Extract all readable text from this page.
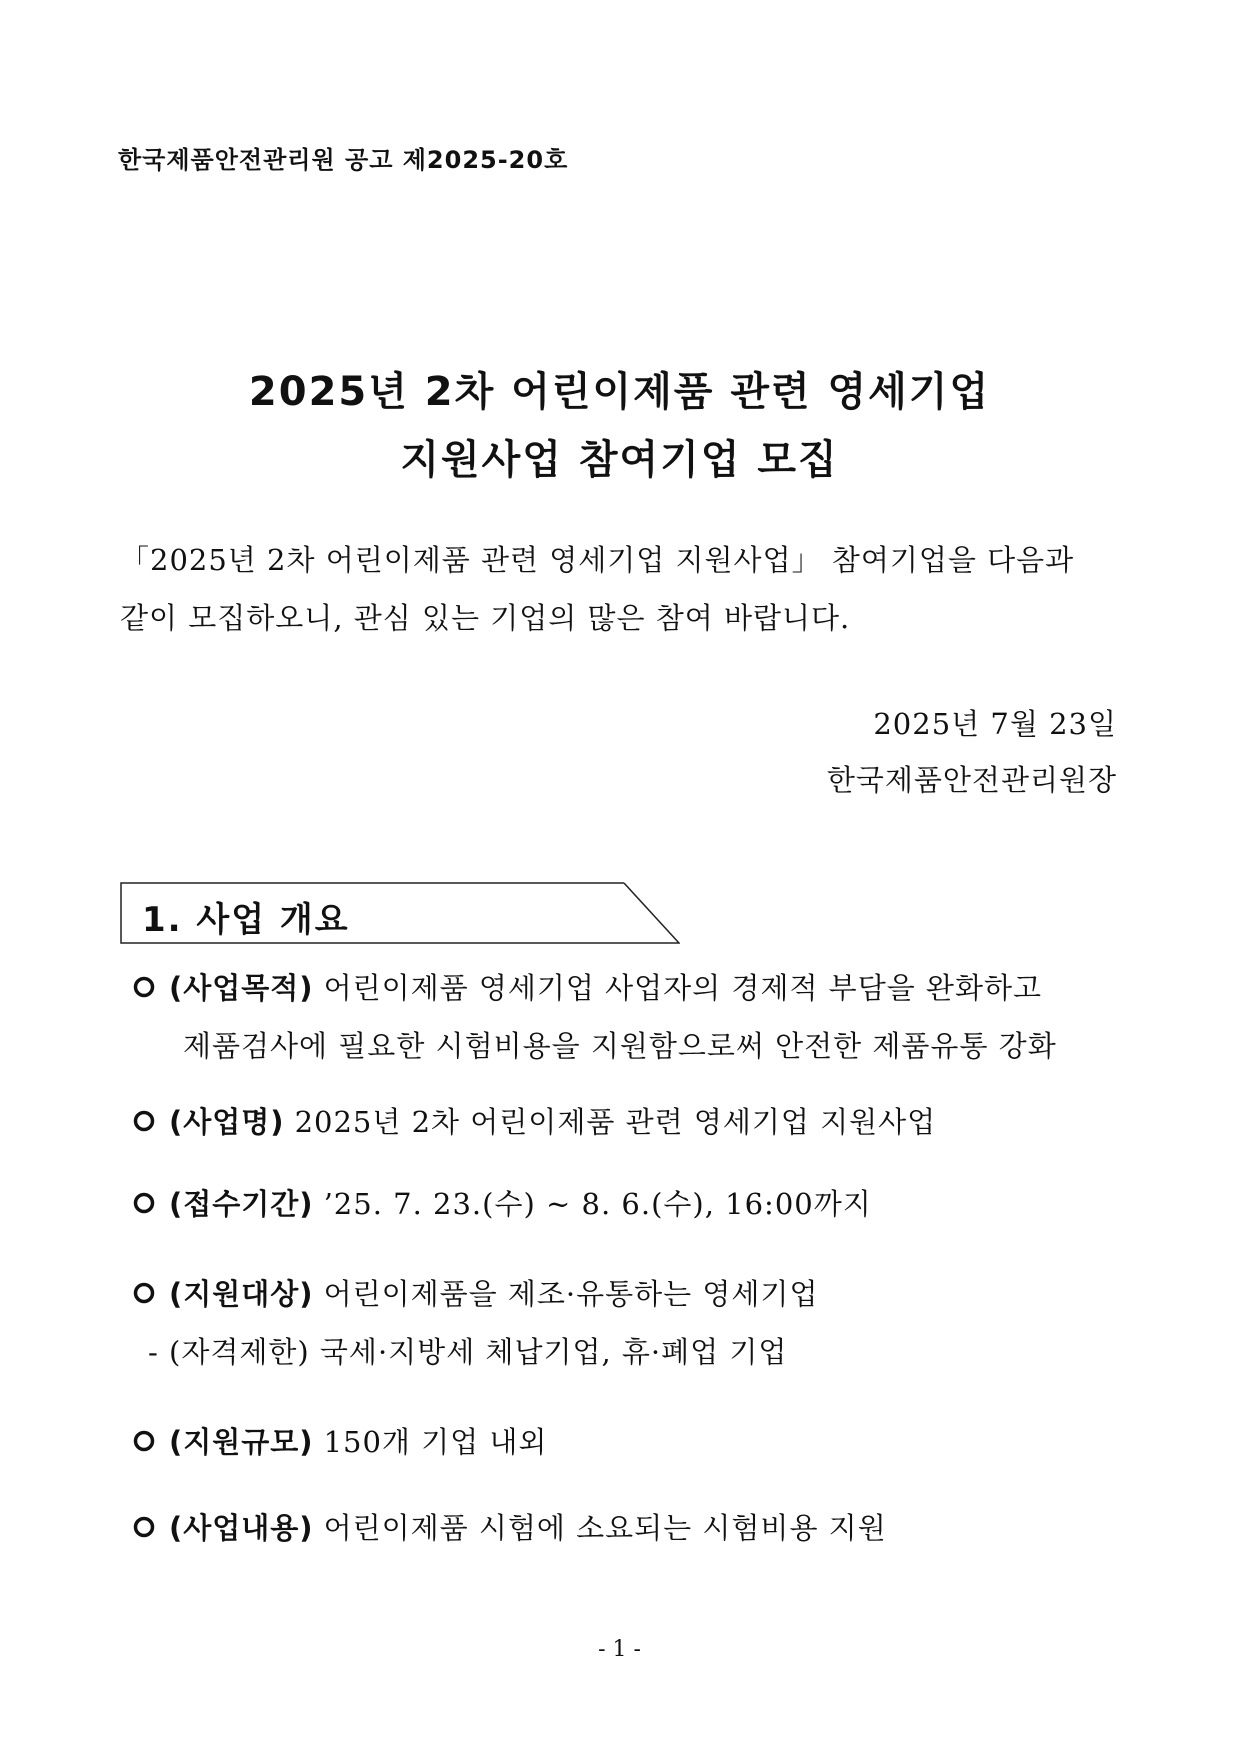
한국제품안전관리원 공고 제2025-20호
2025년 2차 어린이제품 관련 영세기업
지원사업 참여기업 모집
「2025년 2차 어린이제품 관련 영세기업 지원사업」 참여기업을 다음과
같이 모집하오니, 관심 있는 기업의 많은 참여 바랍니다.
2025년 7월 23일
한국제품안전관리원장
1. 사업 개요
(사업목적) 어린이제품 영세기업 사업자의 경제적 부담을 완화하고
제품검사에 필요한 시험비용을 지원함으로써 안전한 제품유통 강화
(사업명) 2025년 2차 어린이제품 관련 영세기업 지원사업
(접수기간) ’25. 7. 23.(수) ~ 8. 6.(수), 16:00까지
(지원대상) 어린이제품을 제조·유통하는 영세기업
- (자격제한) 국세·지방세 체납기업, 휴·폐업 기업
(지원규모) 150개 기업 내외
(사업내용) 어린이제품 시험에 소요되는 시험비용 지원
- 1 -
